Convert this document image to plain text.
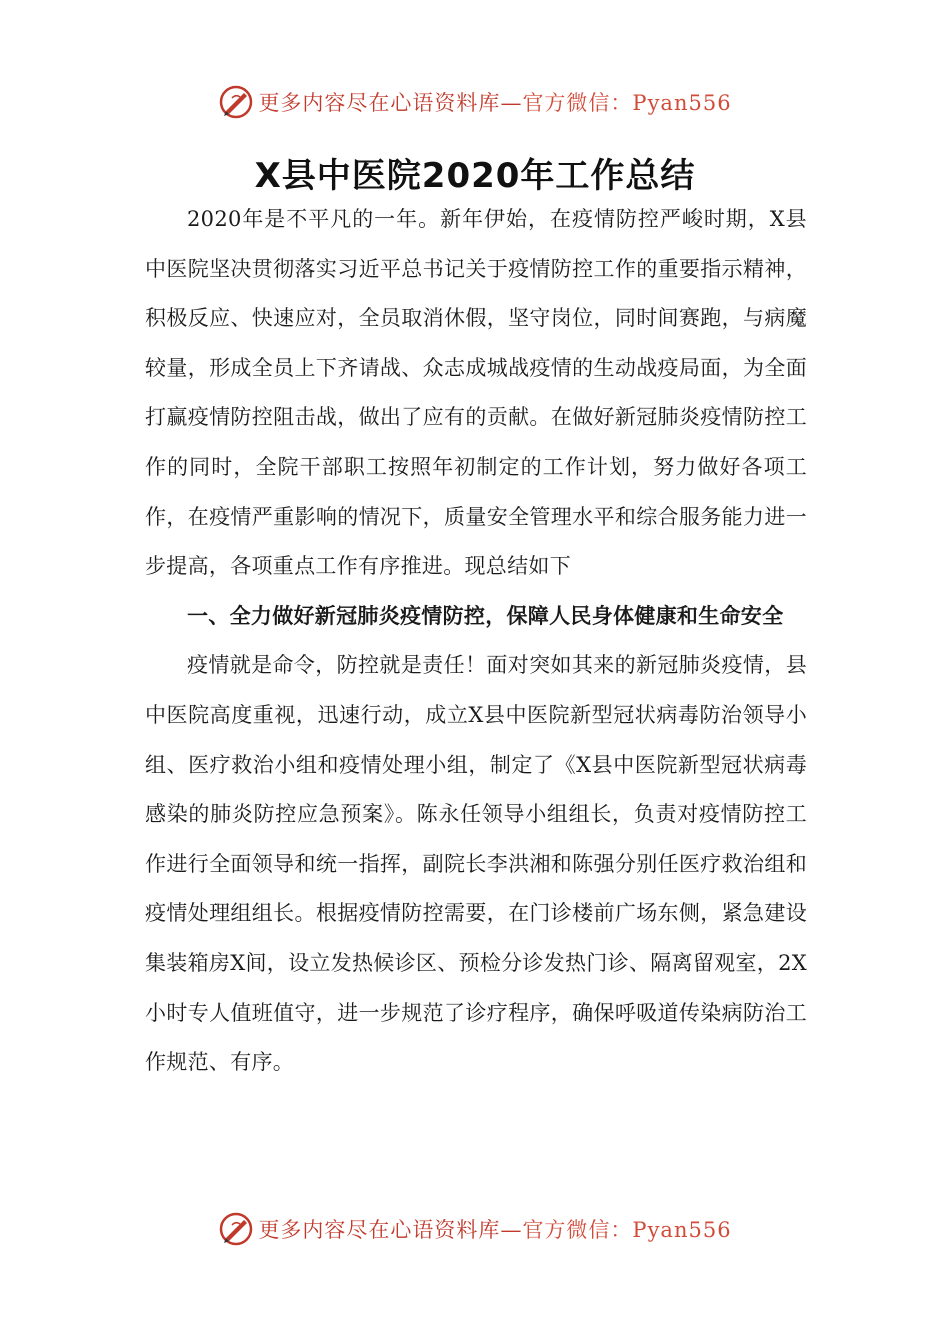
更多内容尽在心语资料库—官方微信：Pyan556
X县中医院2020年工作总结

2020年是不平凡的一年。新年伊始，在疫情防控严峻时期，X县中医院坚决贯彻落实习近平总书记关于疫情防控工作的重要指示精神，积极反应、快速应对，全员取消休假，坚守岗位，同时间赛跑，与病魔较量，形成全员上下齐请战、众志成城战疫情的生动战疫局面，为全面打赢疫情防控阻击战，做出了应有的贡献。在做好新冠肺炎疫情防控工作的同时，全院干部职工按照年初制定的工作计划，努力做好各项工作，在疫情严重影响的情况下，质量安全管理水平和综合服务能力进一步提高，各项重点工作有序推进。现总结如下

一、全力做好新冠肺炎疫情防控，保障人民身体健康和生命安全

疫情就是命令，防控就是责任！面对突如其来的新冠肺炎疫情，县中医院高度重视，迅速行动，成立X县中医院新型冠状病毒防治领导小组、医疗救治小组和疫情处理小组，制定了《X县中医院新型冠状病毒感染的肺炎防控应急预案》。陈永任领导小组组长，负责对疫情防控工作进行全面领导和统一指挥，副院长李洪湘和陈强分别任医疗救治组和疫情处理组组长。根据疫情防控需要，在门诊楼前广场东侧，紧急建设集装箱房X间，设立发热候诊区、预检分诊发热门诊、隔离留观室，2X小时专人值班值守，进一步规范了诊疗程序，确保呼吸道传染病防治工作规范、有序。

更多内容尽在心语资料库—官方微信：Pyan556
